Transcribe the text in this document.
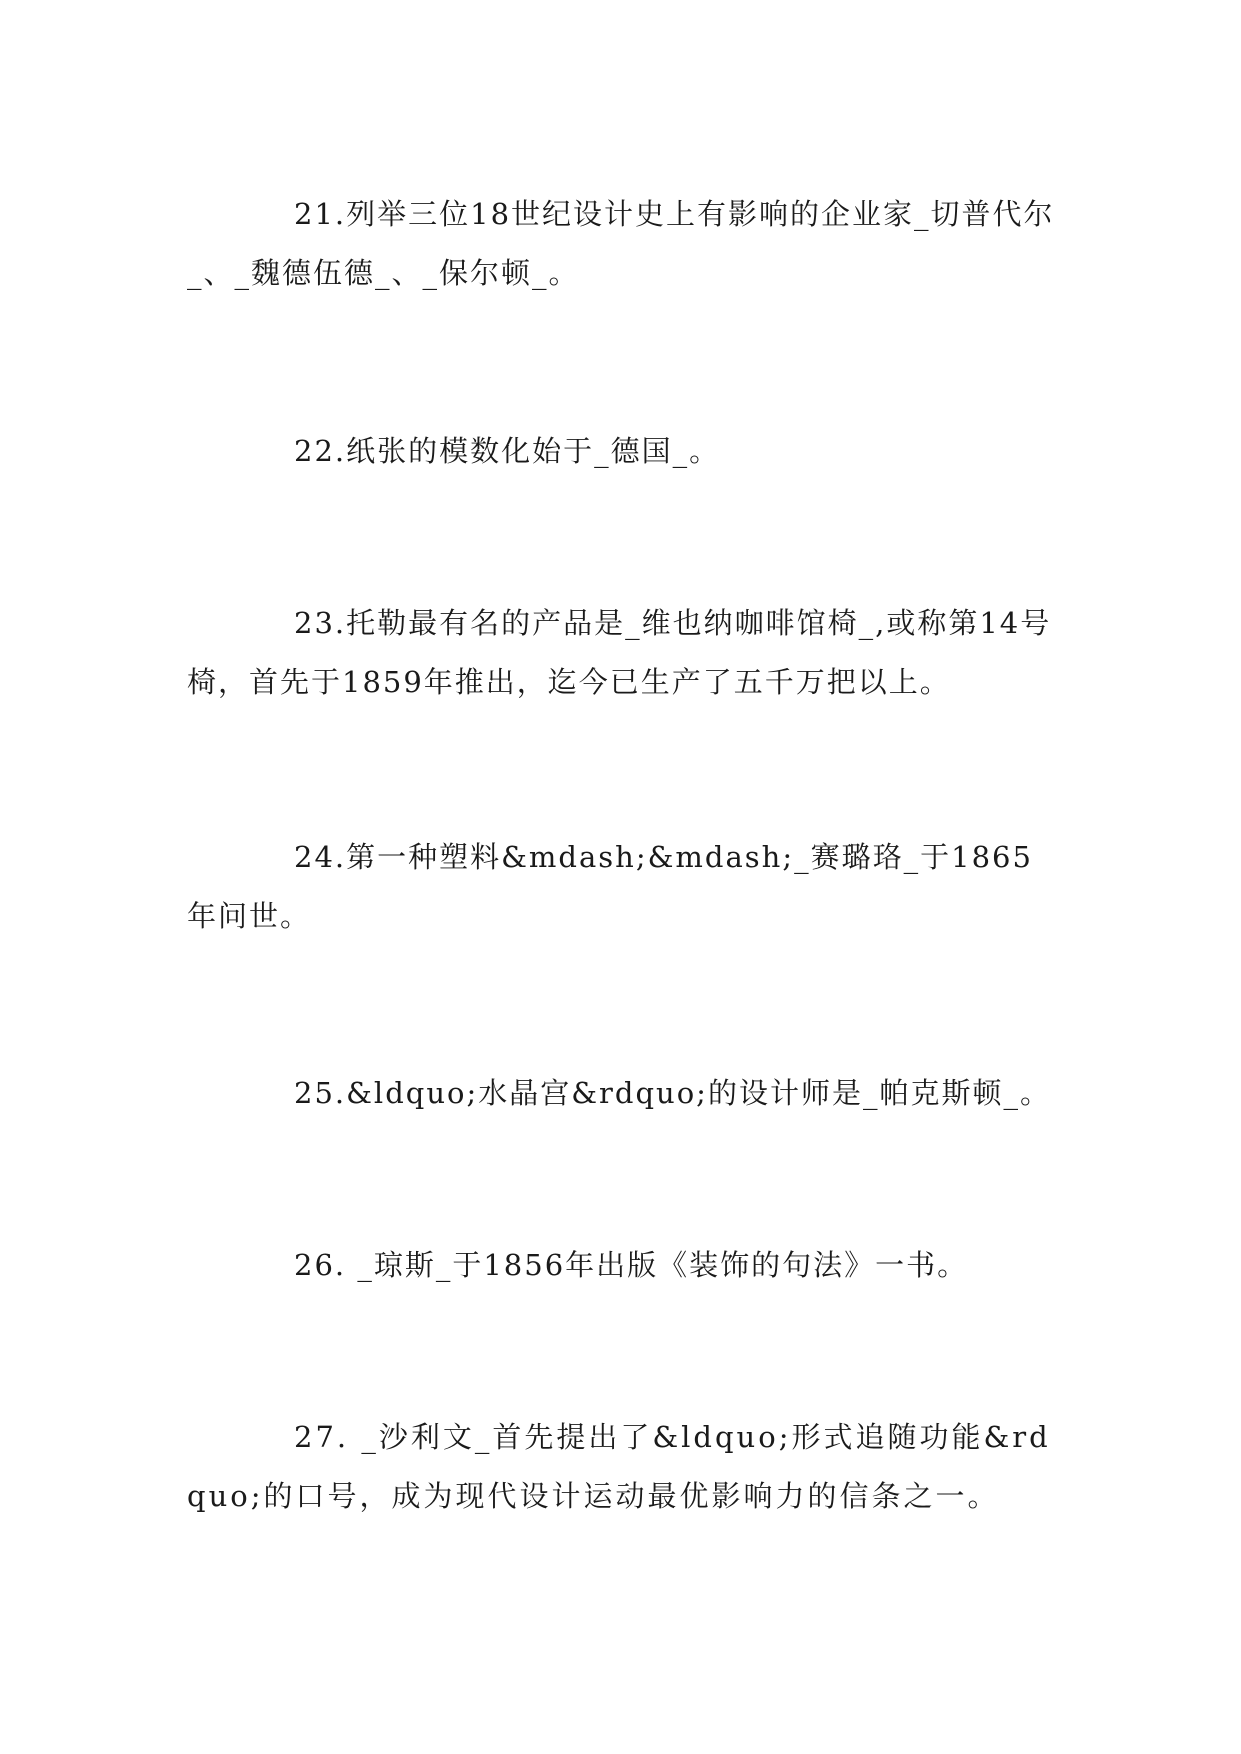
21.列举三位18世纪设计史上有影响的企业家_切普代尔_、_魏德伍德_、_保尔顿_。

22.纸张的模数化始于_德国_。

23.托勒最有名的产品是_维也纳咖啡馆椅_,或称第14号椅，首先于1859年推出，迄今已生产了五千万把以上。

24.第一种塑料&mdash;&mdash;_赛璐珞_于1865年问世。

25.&ldquo;水晶宫&rdquo;的设计师是_帕克斯顿_。

26. _琼斯_于1856年出版《装饰的句法》一书。

27. _沙利文_首先提出了&ldquo;形式追随功能&rdquo;的口号，成为现代设计运动最优影响力的信条之一。
